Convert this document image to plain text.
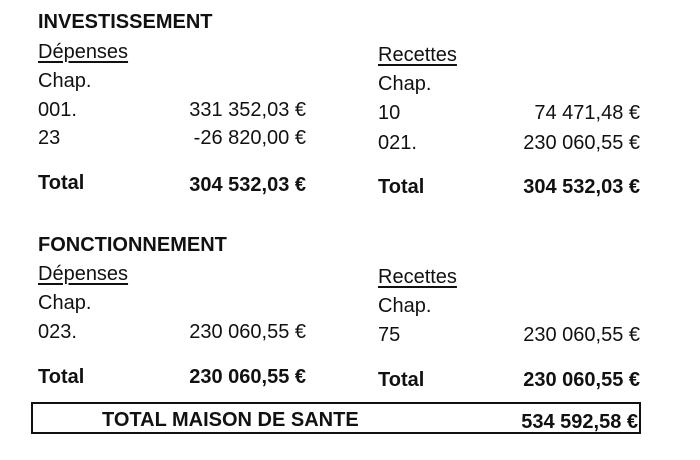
INVESTISSEMENT
Dépenses
Chap.
001.	331 352,03 €
23	-26 820,00 €
Total	304 532,03 €
Recettes
Chap.
10	74 471,48 €
021.	230 060,55 €
Total	304 532,03 €
FONCTIONNEMENT
Dépenses
Chap.
023.	230 060,55 €
Total	230 060,55 €
Recettes
Chap.
75	230 060,55 €
Total	230 060,55 €
TOTAL MAISON DE SANTE	534 592,58 €
